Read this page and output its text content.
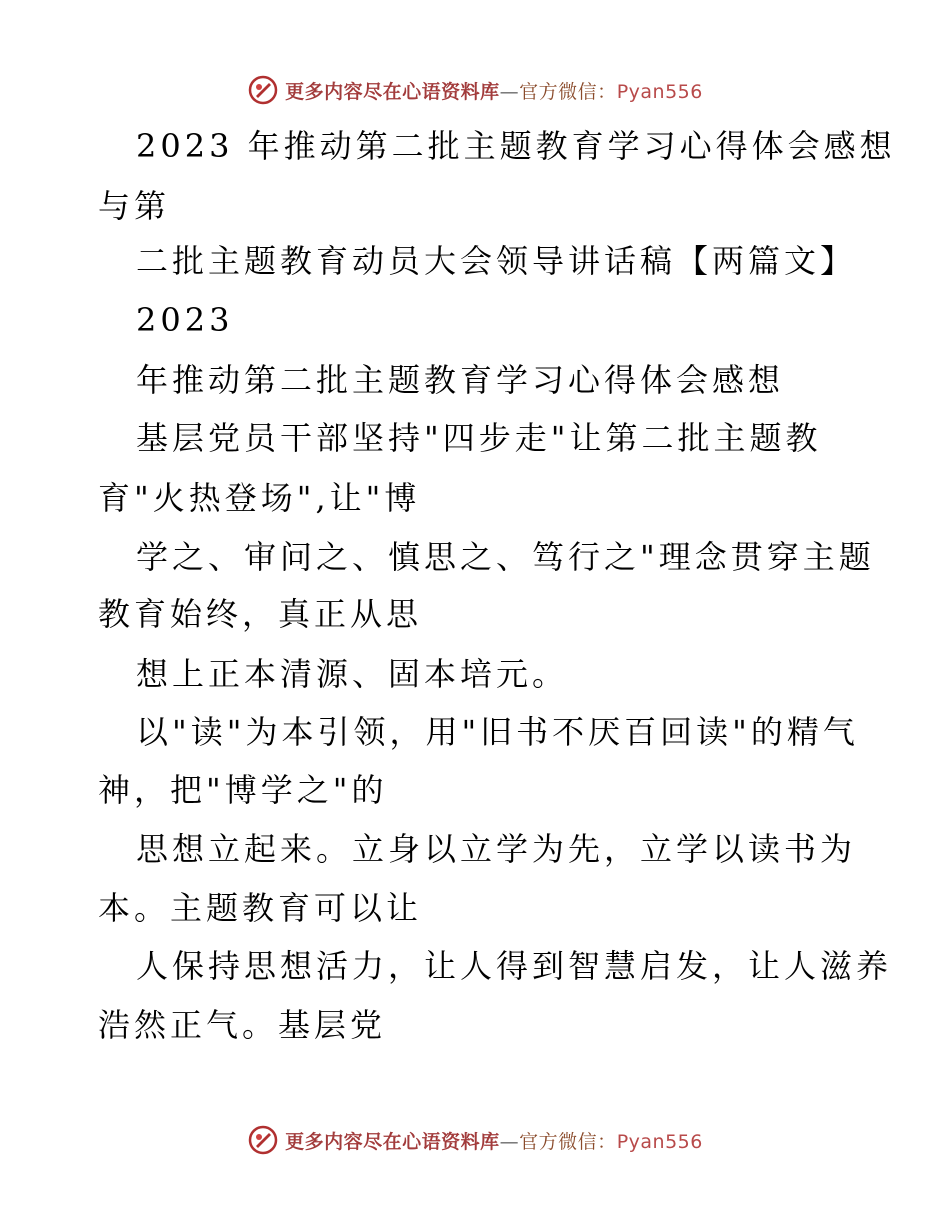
更多内容尽在心语资料库—官方微信：Pyan556
2023 年推动第二批主题教育学习心得体会感想
与第
二批主题教育动员大会领导讲话稿【两篇文】
2023
年推动第二批主题教育学习心得体会感想
基层党员干部坚持"四步走"让第二批主题教
育"火热登场",让"博
学之、审问之、慎思之、笃行之"理念贯穿主题
教育始终，真正从思
想上正本清源、固本培元。
以"读"为本引领，用"旧书不厌百回读"的精气
神，把"博学之"的
思想立起来。立身以立学为先，立学以读书为
本。主题教育可以让
人保持思想活力，让人得到智慧启发，让人滋养
浩然正气。基层党
更多内容尽在心语资料库—官方微信：Pyan556
